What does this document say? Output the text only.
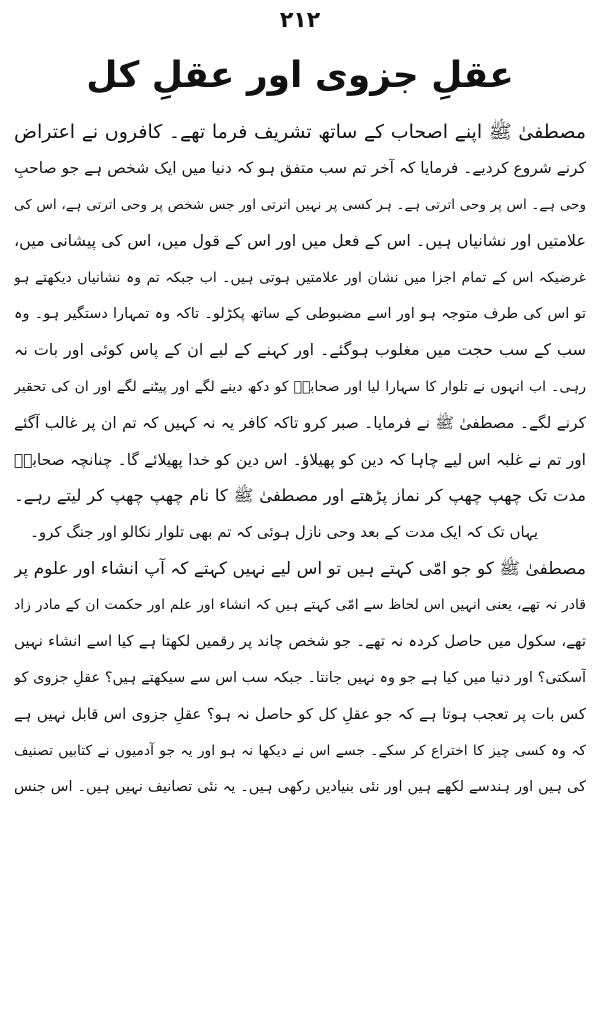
۲۱۲
عقلِ جزوی اور عقلِ کل
مصطفیٰ ﷺ اپنے اصحاب کے ساتھ تشریف فرما تھے۔ کافروں نے اعتراض
کرنے شروع کردیے۔ فرمایا کہ آخر تم سب متفق ہو کہ دنیا میں ایک شخص ہے جو صاحبِ
وحی ہے۔ اس پر وحی اترتی ہے۔ ہر کسی پر نہیں اترتی اور جس شخص پر وحی اترتی ہے، اس کی
علامتیں اور نشانیاں ہیں۔ اس کے فعل میں اور اس کے قول میں، اس کی پیشانی میں،
غرضیکہ اس کے تمام اجزا میں نشان اور علامتیں ہوتی ہیں۔ اب جبکہ تم وہ نشانیاں دیکھتے ہو
تو اس کی طرف متوجہ ہو اور اسے مضبوطی کے ساتھ پکڑلو۔ تاکہ وہ تمہارا دستگیر ہو۔ وہ
سب کے سب حجت میں مغلوب ہوگئے۔ اور کہنے کے لیے ان کے پاس کوئی اور بات نہ
رہی۔ اب انہوں نے تلوار کا سہارا لیا اور صحابہؓ کو دکھ دینے لگے اور پیٹنے لگے اور ان کی تحقیر
کرنے لگے۔ مصطفیٰ ﷺ نے فرمایا۔ صبر کرو تاکہ کافر یہ نہ کہیں کہ تم ان پر غالب آگئے
اور تم نے غلبہ اس لیے چاہا کہ دین کو پھیلاؤ۔ اس دین کو خدا پھیلائے گا۔ چنانچہ صحابہؓ
مدت تک چھپ چھپ کر نماز پڑھتے اور مصطفیٰ ﷺ کا نام چھپ چھپ کر لیتے رہے۔
یہاں تک کہ ایک مدت کے بعد وحی نازل ہوئی کہ تم بھی تلوار نکالو اور جنگ کرو۔
مصطفیٰ ﷺ کو جو امّی کہتے ہیں تو اس لیے نہیں کہتے کہ آپ انشاء اور علوم پر
قادر نہ تھے، یعنی انہیں اس لحاظ سے امّی کہتے ہیں کہ انشاء اور علم اور حکمت ان کے مادر زاد
تھے، سکول میں حاصل کردہ نہ تھے۔ جو شخص چاند پر رقمیں لکھتا ہے کیا اسے انشاء نہیں
آسکتی؟ اور دنیا میں کیا ہے جو وہ نہیں جانتا۔ جبکہ سب اس سے سیکھتے ہیں؟ عقلِ جزوی کو
کس بات پر تعجب ہوتا ہے کہ جو عقلِ کل کو حاصل نہ ہو؟ عقلِ جزوی اس قابل نہیں ہے
کہ وہ کسی چیز کا اختراع کر سکے۔ جسے اس نے دیکھا نہ ہو اور یہ جو آدمیوں نے کتابیں تصنیف
کی ہیں اور ہندسے لکھے ہیں اور نئی بنیادیں رکھی ہیں۔ یہ نئی تصانیف نہیں ہیں۔ اس جنس
